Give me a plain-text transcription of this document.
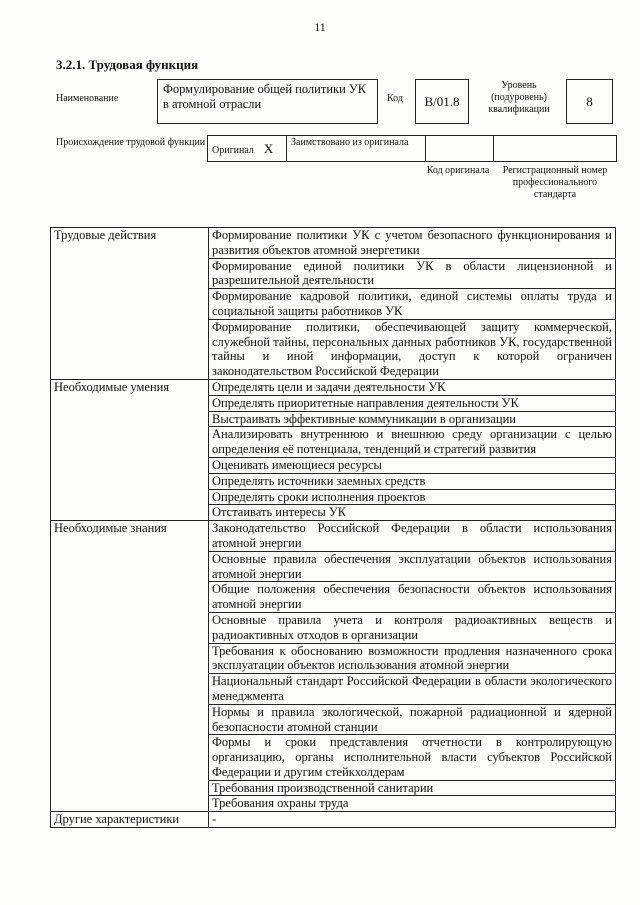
11
3.2.1. Трудовая функция
Наименование
Формулирование общей политики УК в атомной отрасли	Код	B/01.8
Уровень (подуровень) квалификации
8
Происхождение трудовой функции
Оригинал X	Заимствовано из оригинала		
Код оригинала	Регистрационный номер профессионального стандарта
Трудовые действия	Формирование политики УК с учетом безопасного функционирования и развития объектов атомной энергетики
	Формирование единой политики УК в области лицензионной и разрешительной деятельности
	Формирование кадровой политики, единой системы оплаты труда и социальной защиты работников УК
	Формирование политики, обеспечивающей защиту коммерческой, служебной тайны, персональных данных работников УК, государственной тайны и иной информации, доступ к которой ограничен законодательством Российской Федерации
Необходимые умения	Определять цели и задачи деятельности УК
	Определять приоритетные направления деятельности УК
	Выстраивать эффективные коммуникации в организации
	Анализировать внутреннюю и внешнюю среду организации с целью определения её потенциала, тенденций и стратегий развития
	Оценивать имеющиеся ресурсы
	Определять источники заемных средств
	Определять сроки исполнения проектов
	Отстаивать интересы УК
Необходимые знания	Законодательство Российской Федерации в области использования атомной энергии
	Основные правила обеспечения эксплуатации объектов использования атомной энергии
	Общие положения обеспечения безопасности объектов использования атомной энергии
	Основные правила учета и контроля радиоактивных веществ и радиоактивных отходов в организации
	Требования к обоснованию возможности продления назначенного срока эксплуатации объектов использования атомной энергии
	Национальный стандарт Российской Федерации в области экологического менеджмента
	Нормы и правила экологической, пожарной радиационной и ядерной безопасности атомной станции
	Формы и сроки представления отчетности в контролирующую организацию, органы исполнительной власти субъектов Российской Федерации и другим стейкхолдерам
	Требования производственной санитарии
	Требования охраны труда
Другие характеристики	-
